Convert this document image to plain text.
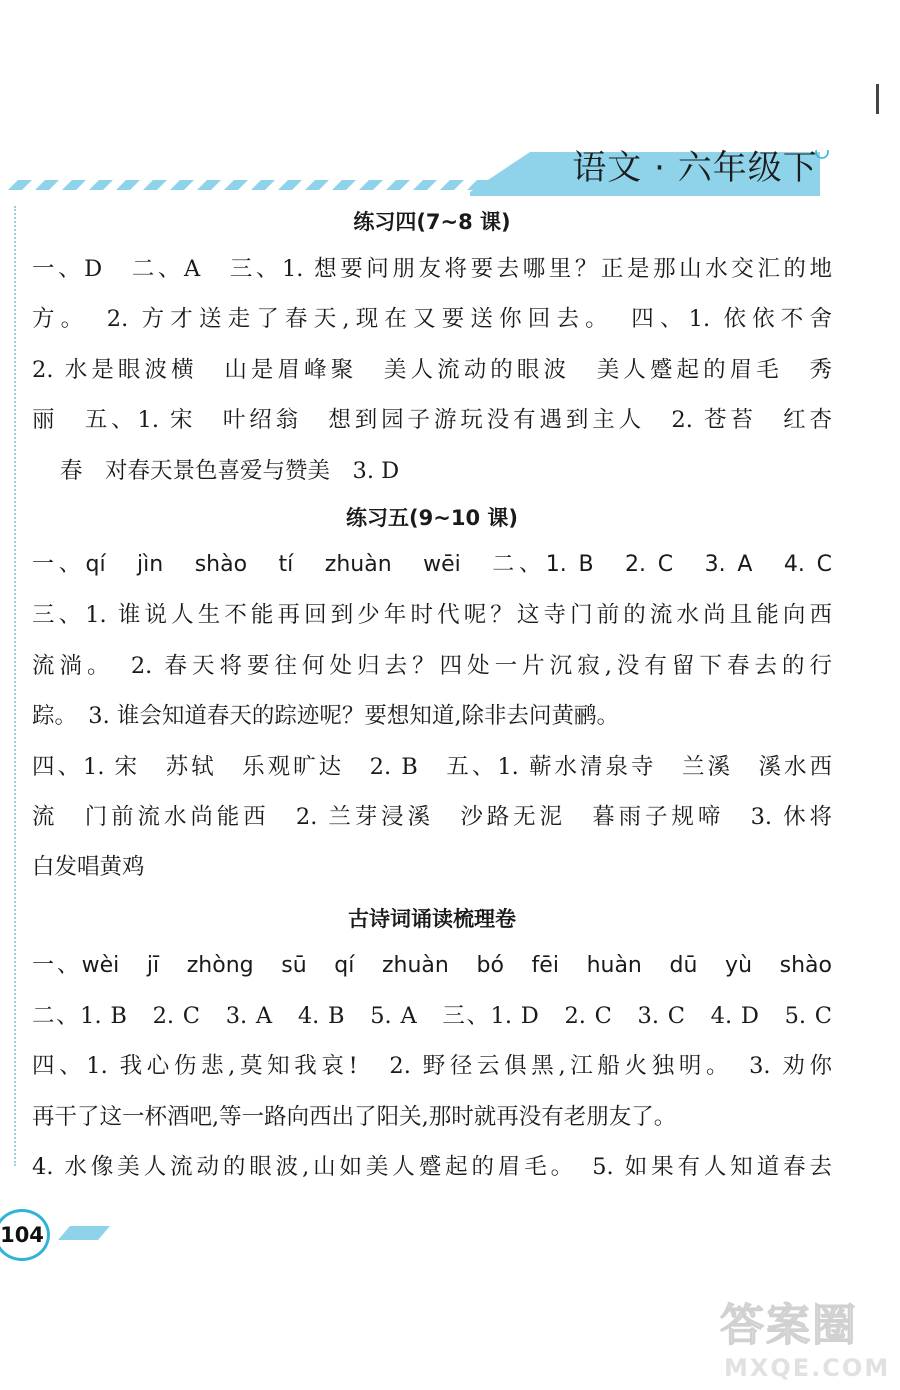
语文 · 六年级下
练习四(7~8 课)
一、D　二、A　三、1. 想要问朋友将要去哪里？正是那山水交汇的地
方。　2. 方才送走了春天,现在又要送你回去。　四、1. 依依不舍
2. 水是眼波横　山是眉峰聚　美人流动的眼波　美人蹙起的眉毛　秀
丽　五、1. 宋　叶绍翁　想到园子游玩没有遇到主人　2. 苍苔　红杏
春　对春天景色喜爱与赞美　3. D
练习五(9~10 课)
一、qí　jìn　shào　tí　zhuàn　wēi　二、1. B　2. C　3. A　4. C
三、1. 谁说人生不能再回到少年时代呢？这寺门前的流水尚且能向西
流淌。　2. 春天将要往何处归去？四处一片沉寂,没有留下春去的行
踪。　3. 谁会知道春天的踪迹呢？要想知道,除非去问黄鹂。
四、1. 宋　苏轼　乐观旷达　2. B　五、1. 蕲水清泉寺　兰溪　溪水西
流　门前流水尚能西　2. 兰芽浸溪　沙路无泥　暮雨子规啼　3. 休将
白发唱黄鸡
古诗词诵读梳理卷
一、wèi　jī　zhòng　sū　qí　zhuàn　bó　fēi　huàn　dū　yù　shào
二、1. B　2. C　3. A　4. B　5. A　三、1. D　2. C　3. C　4. D　5. C
四、1. 我心伤悲,莫知我哀!　2. 野径云俱黑,江船火独明。　3. 劝你
再干了这一杯酒吧,等一路向西出了阳关,那时就再没有老朋友了。
4. 水像美人流动的眼波,山如美人蹙起的眉毛。　5. 如果有人知道春去
104
答案圈
MXQE.COM
